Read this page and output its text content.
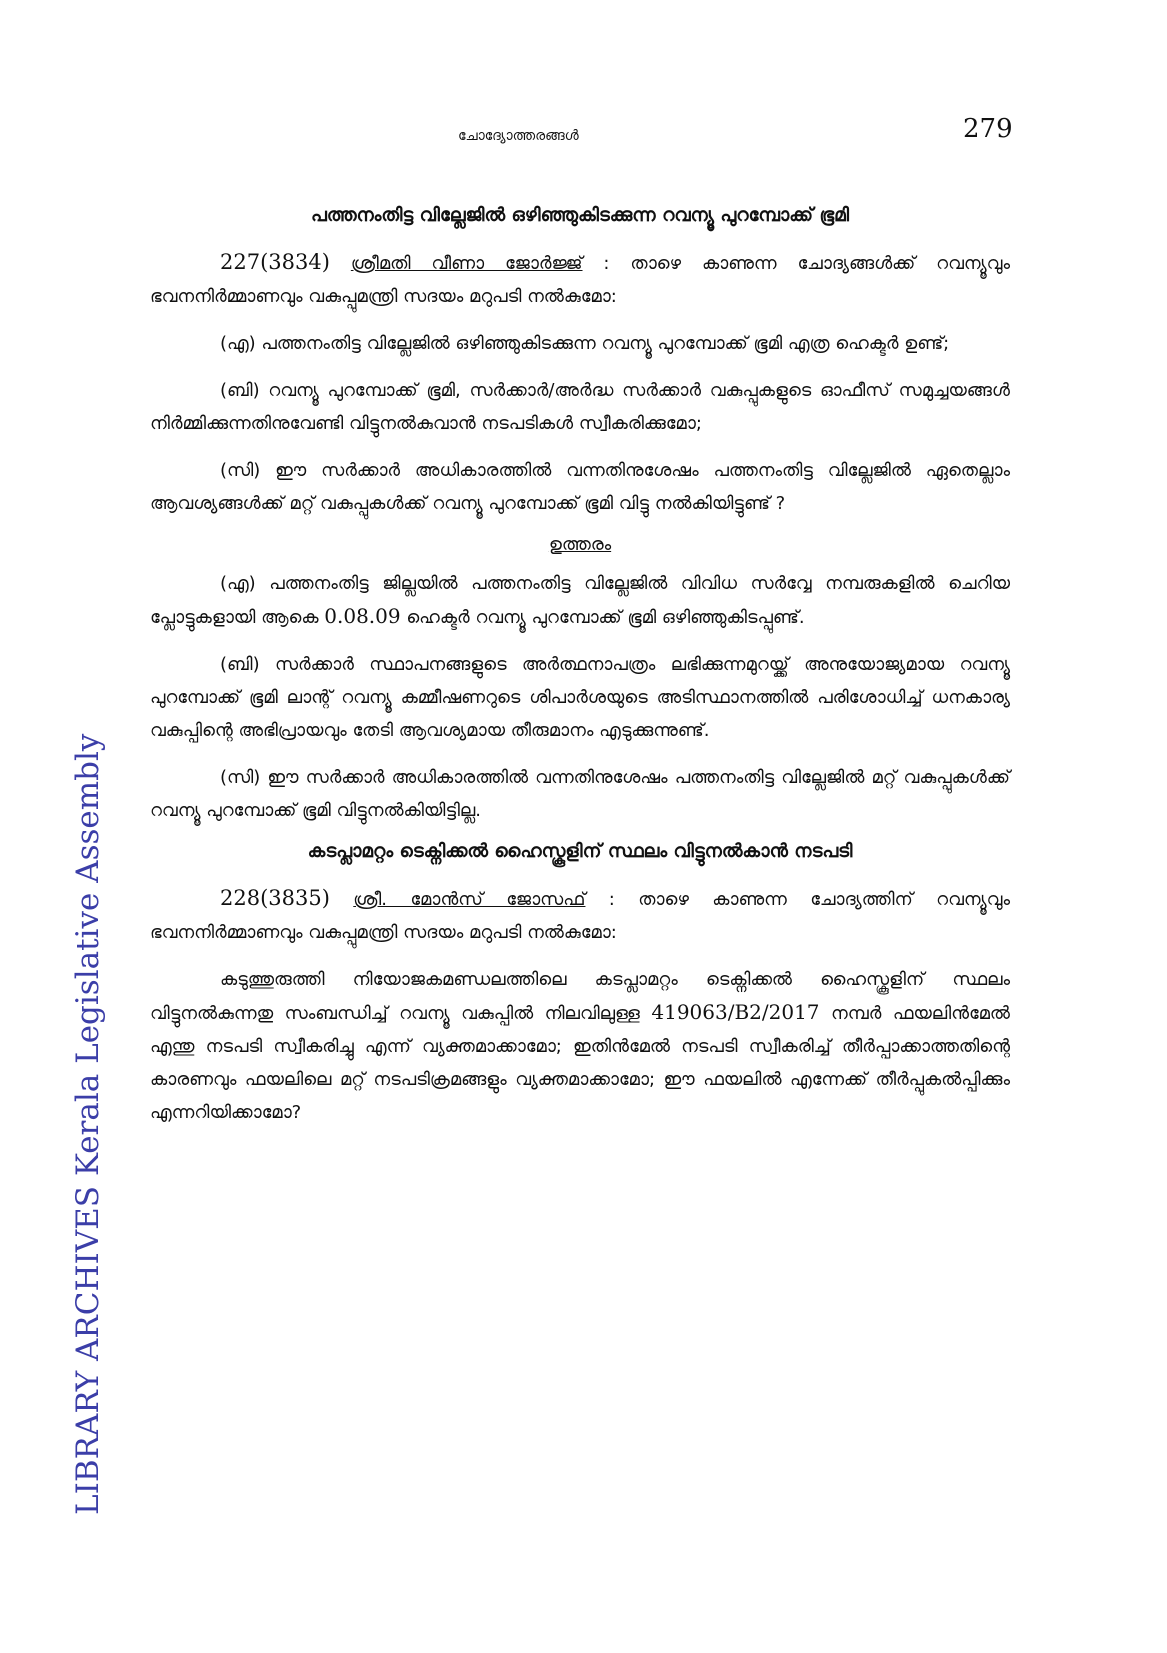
LIBRARY ARCHIVES Kerala Legislative Assembly
ചോദ്യോത്തരങ്ങൾ	279
പത്തനംതിട്ട വില്ലേജിൽ ഒഴിഞ്ഞുകിടക്കുന്ന റവന്യൂ പുറമ്പോക്ക് ഭൂമി

227(3834) ശ്രീമതി വീണാ ജോർജ്ജ് : താഴെ കാണുന്ന ചോദ്യങ്ങൾക്ക് റവന്യൂവും ഭവനനിർമ്മാണവും വകുപ്പുമന്ത്രി സദയം മറുപടി നൽകുമോ:

(എ) പത്തനംതിട്ട വില്ലേജിൽ ഒഴിഞ്ഞുകിടക്കുന്ന റവന്യൂ പുറമ്പോക്ക് ഭൂമി എത്ര ഹെക്ടർ ഉണ്ട്;

(ബി) റവന്യൂ പുറമ്പോക്ക് ഭൂമി, സർക്കാർ/അർദ്ധ സർക്കാർ വകുപ്പുകളുടെ ഓഫീസ് സമുച്ചയങ്ങൾ നിർമ്മിക്കുന്നതിനുവേണ്ടി വിട്ടുനൽകുവാൻ നടപടികൾ സ്വീകരിക്കുമോ;

(സി) ഈ സർക്കാർ അധികാരത്തിൽ വന്നതിനുശേഷം പത്തനംതിട്ട വില്ലേജിൽ ഏതെല്ലാം ആവശ്യങ്ങൾക്ക് മറ്റ് വകുപ്പുകൾക്ക് റവന്യൂ പുറമ്പോക്ക് ഭൂമി വിട്ടു നൽകിയിട്ടുണ്ട് ?

ഉത്തരം

(എ) പത്തനംതിട്ട ജില്ലയിൽ പത്തനംതിട്ട വില്ലേജിൽ വിവിധ സർവ്വേ നമ്പരുകളിൽ ചെറിയ പ്ലോട്ടുകളായി ആകെ 0.08.09 ഹെക്ടർ റവന്യൂ പുറമ്പോക്ക് ഭൂമി ഒഴിഞ്ഞുകിടപ്പുണ്ട്.

(ബി) സർക്കാർ സ്ഥാപനങ്ങളുടെ അർത്ഥനാപത്രം ലഭിക്കുന്നമുറയ്ക്ക് അനുയോജ്യമായ റവന്യൂ പുറമ്പോക്ക് ഭൂമി ലാന്റ് റവന്യൂ കമ്മീഷണറുടെ ശിപാർശയുടെ അടിസ്ഥാനത്തിൽ പരിശോധിച്ച് ധനകാര്യ വകുപ്പിന്റെ അഭിപ്രായവും തേടി ആവശ്യമായ തീരുമാനം എടുക്കുന്നുണ്ട്.

(സി) ഈ സർക്കാർ അധികാരത്തിൽ വന്നതിനുശേഷം പത്തനംതിട്ട വില്ലേജിൽ മറ്റ് വകുപ്പുകൾക്ക് റവന്യൂ പുറമ്പോക്ക് ഭൂമി വിട്ടുനൽകിയിട്ടില്ല.

കടപ്ലാമറ്റം ടെക്നിക്കൽ ഹൈസ്കൂളിന് സ്ഥലം വിട്ടുനൽകാൻ നടപടി

228(3835) ശ്രീ. മോൻസ് ജോസഫ് : താഴെ കാണുന്ന ചോദ്യത്തിന് റവന്യൂവും ഭവനനിർമ്മാണവും വകുപ്പുമന്ത്രി സദയം മറുപടി നൽകുമോ:

കടുത്തുരുത്തി നിയോജകമണ്ഡലത്തിലെ കടപ്ലാമറ്റം ടെക്നിക്കൽ ഹൈസ്കൂളിന് സ്ഥലം വിട്ടുനൽകുന്നതു സംബന്ധിച്ച് റവന്യൂ വകുപ്പിൽ നിലവിലുള്ള 419063/B2/2017 നമ്പർ ഫയലിൻമേൽ എന്തു നടപടി സ്വീകരിച്ചു എന്ന് വ്യക്തമാക്കാമോ; ഇതിൻമേൽ നടപടി സ്വീകരിച്ച് തീർപ്പാക്കാത്തതിന്റെ കാരണവും ഫയലിലെ മറ്റ് നടപടിക്രമങ്ങളും വ്യക്തമാക്കാമോ; ഈ ഫയലിൽ എന്നേക്ക് തീർപ്പുകൽപ്പിക്കും എന്നറിയിക്കാമോ?
